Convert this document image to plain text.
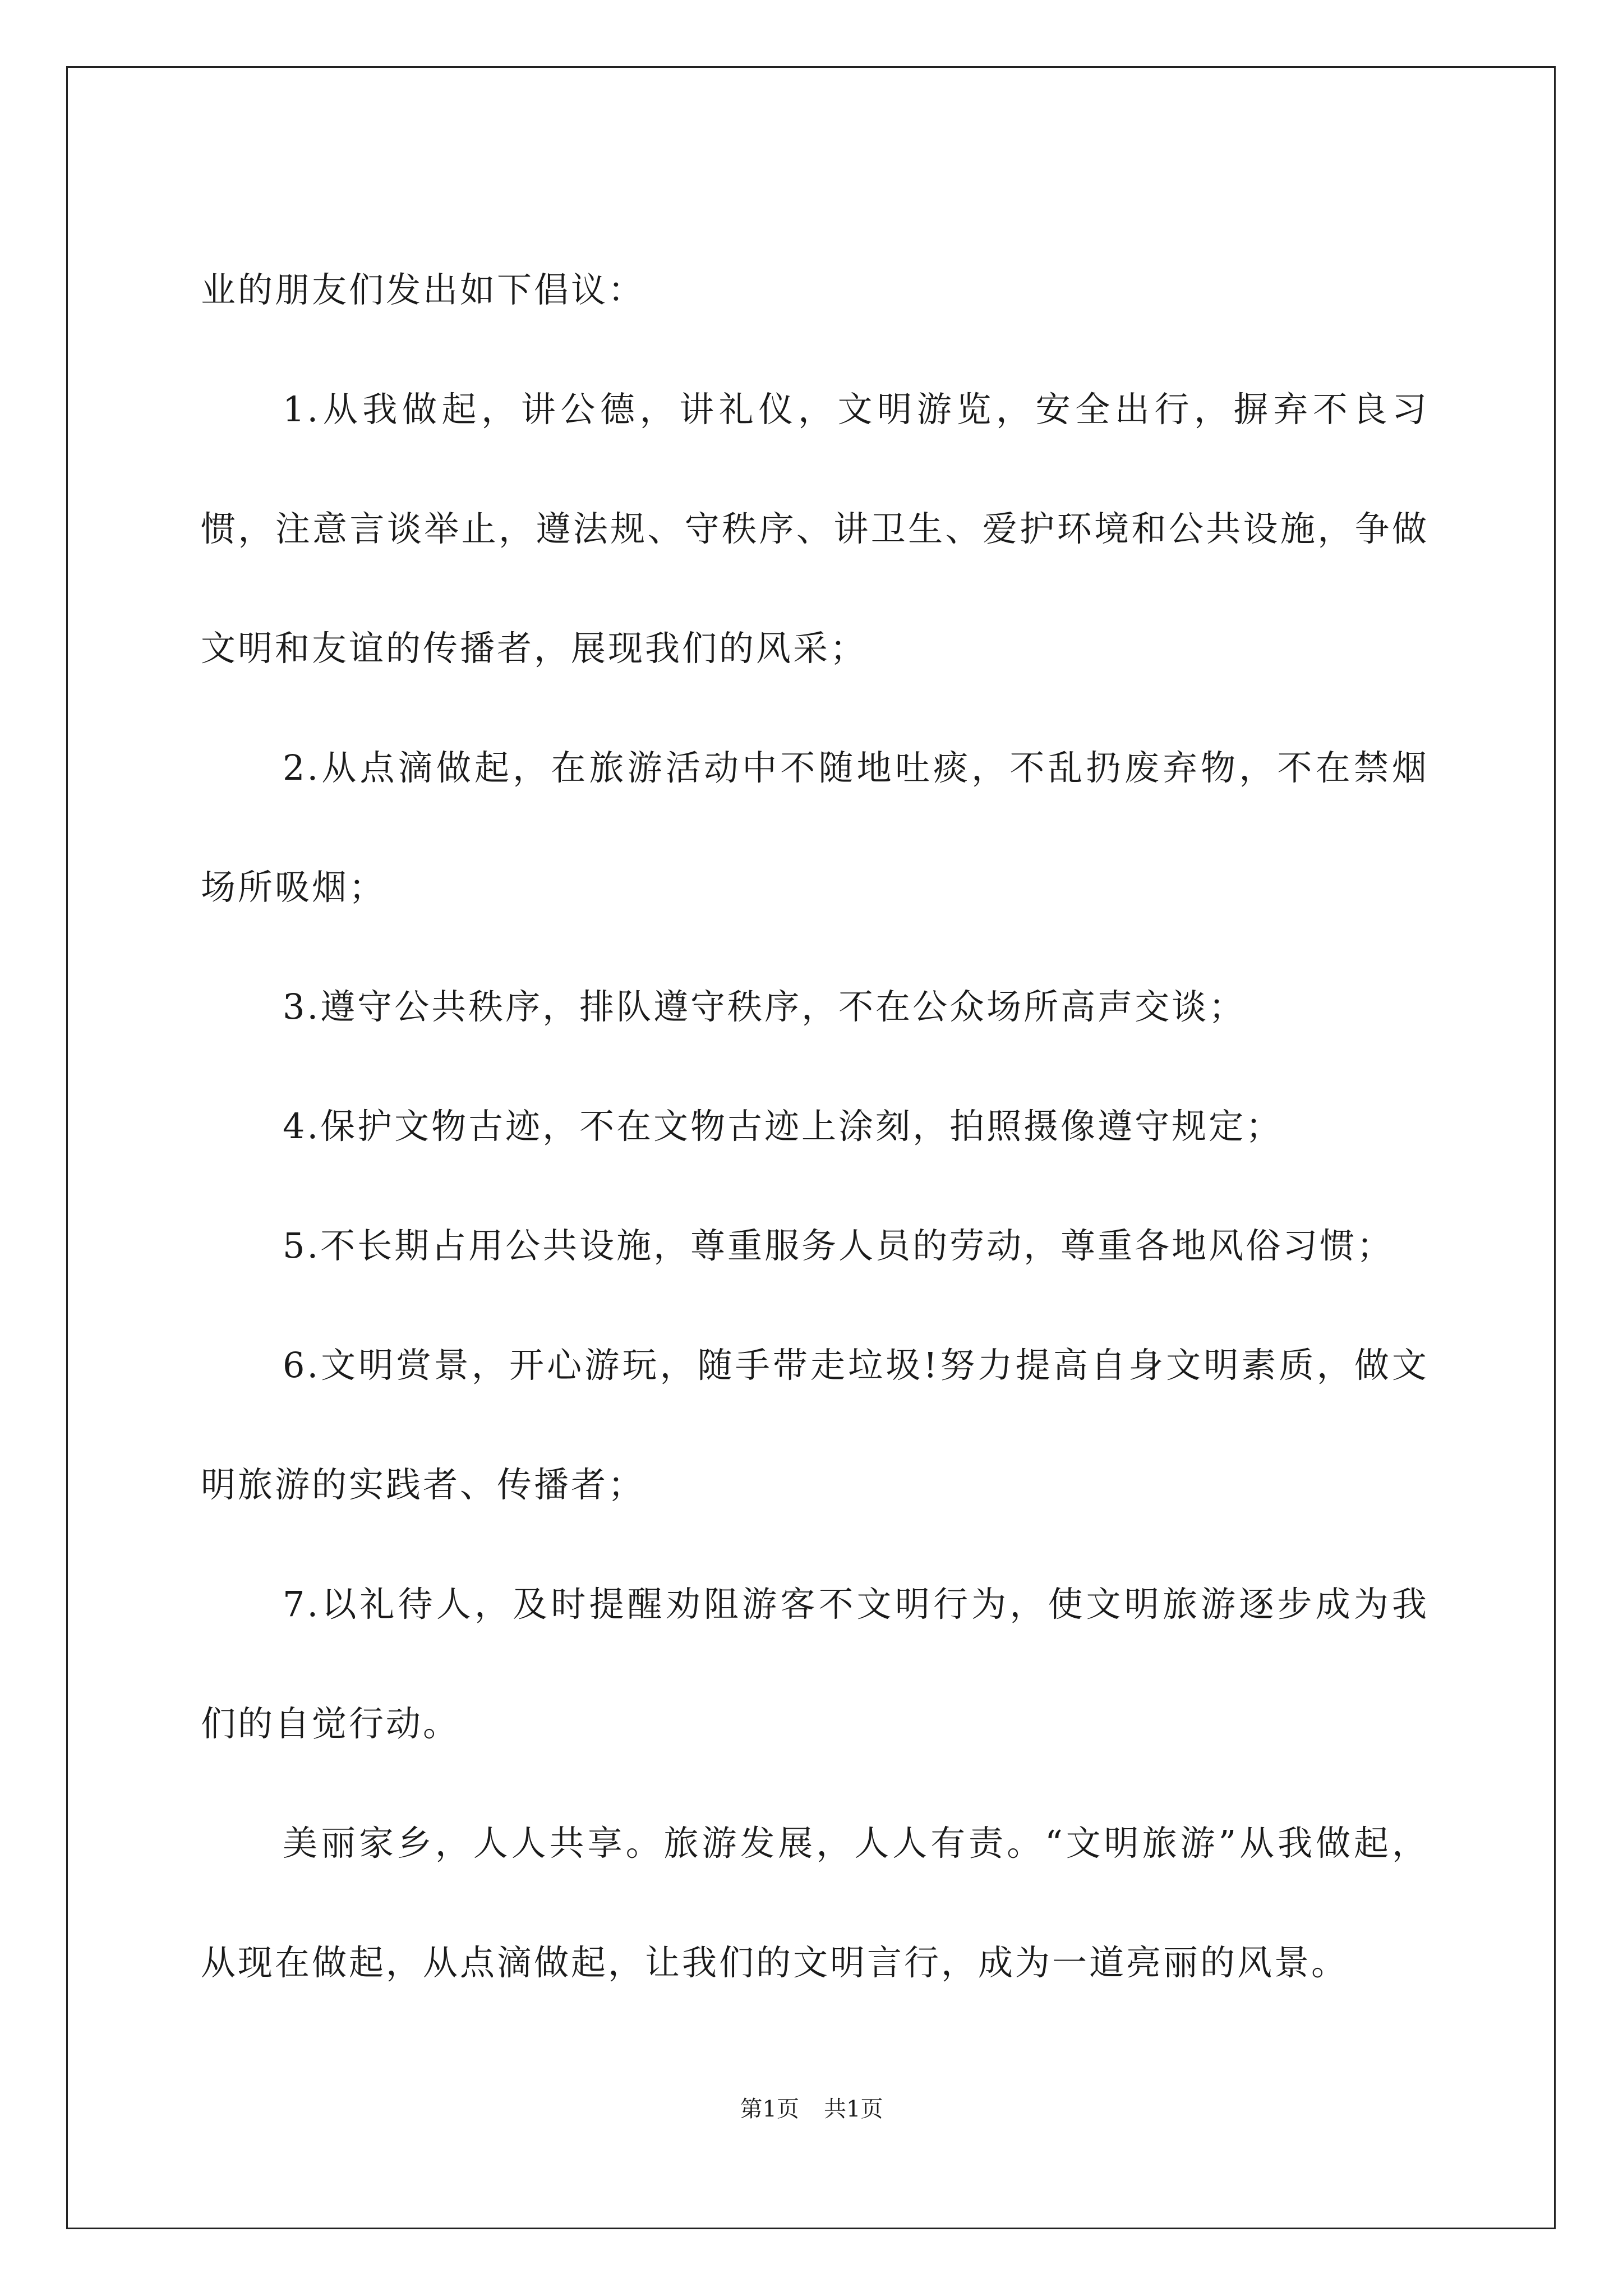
业的朋友们发出如下倡议：

1.从我做起，讲公德，讲礼仪，文明游览，安全出行，摒弃不良习惯，注意言谈举止，遵法规、守秩序、讲卫生、爱护环境和公共设施，争做文明和友谊的传播者，展现我们的风采；

2.从点滴做起，在旅游活动中不随地吐痰，不乱扔废弃物，不在禁烟场所吸烟；

3.遵守公共秩序，排队遵守秩序，不在公众场所高声交谈；

4.保护文物古迹，不在文物古迹上涂刻，拍照摄像遵守规定；

5.不长期占用公共设施，尊重服务人员的劳动，尊重各地风俗习惯；

6.文明赏景，开心游玩，随手带走垃圾!努力提高自身文明素质，做文明旅游的实践者、传播者；

7.以礼待人，及时提醒劝阻游客不文明行为，使文明旅游逐步成为我们的自觉行动。

美丽家乡，人人共享。旅游发展，人人有责。“文明旅游”从我做起，从现在做起，从点滴做起，让我们的文明言行，成为一道亮丽的风景。

第1页 共1页
